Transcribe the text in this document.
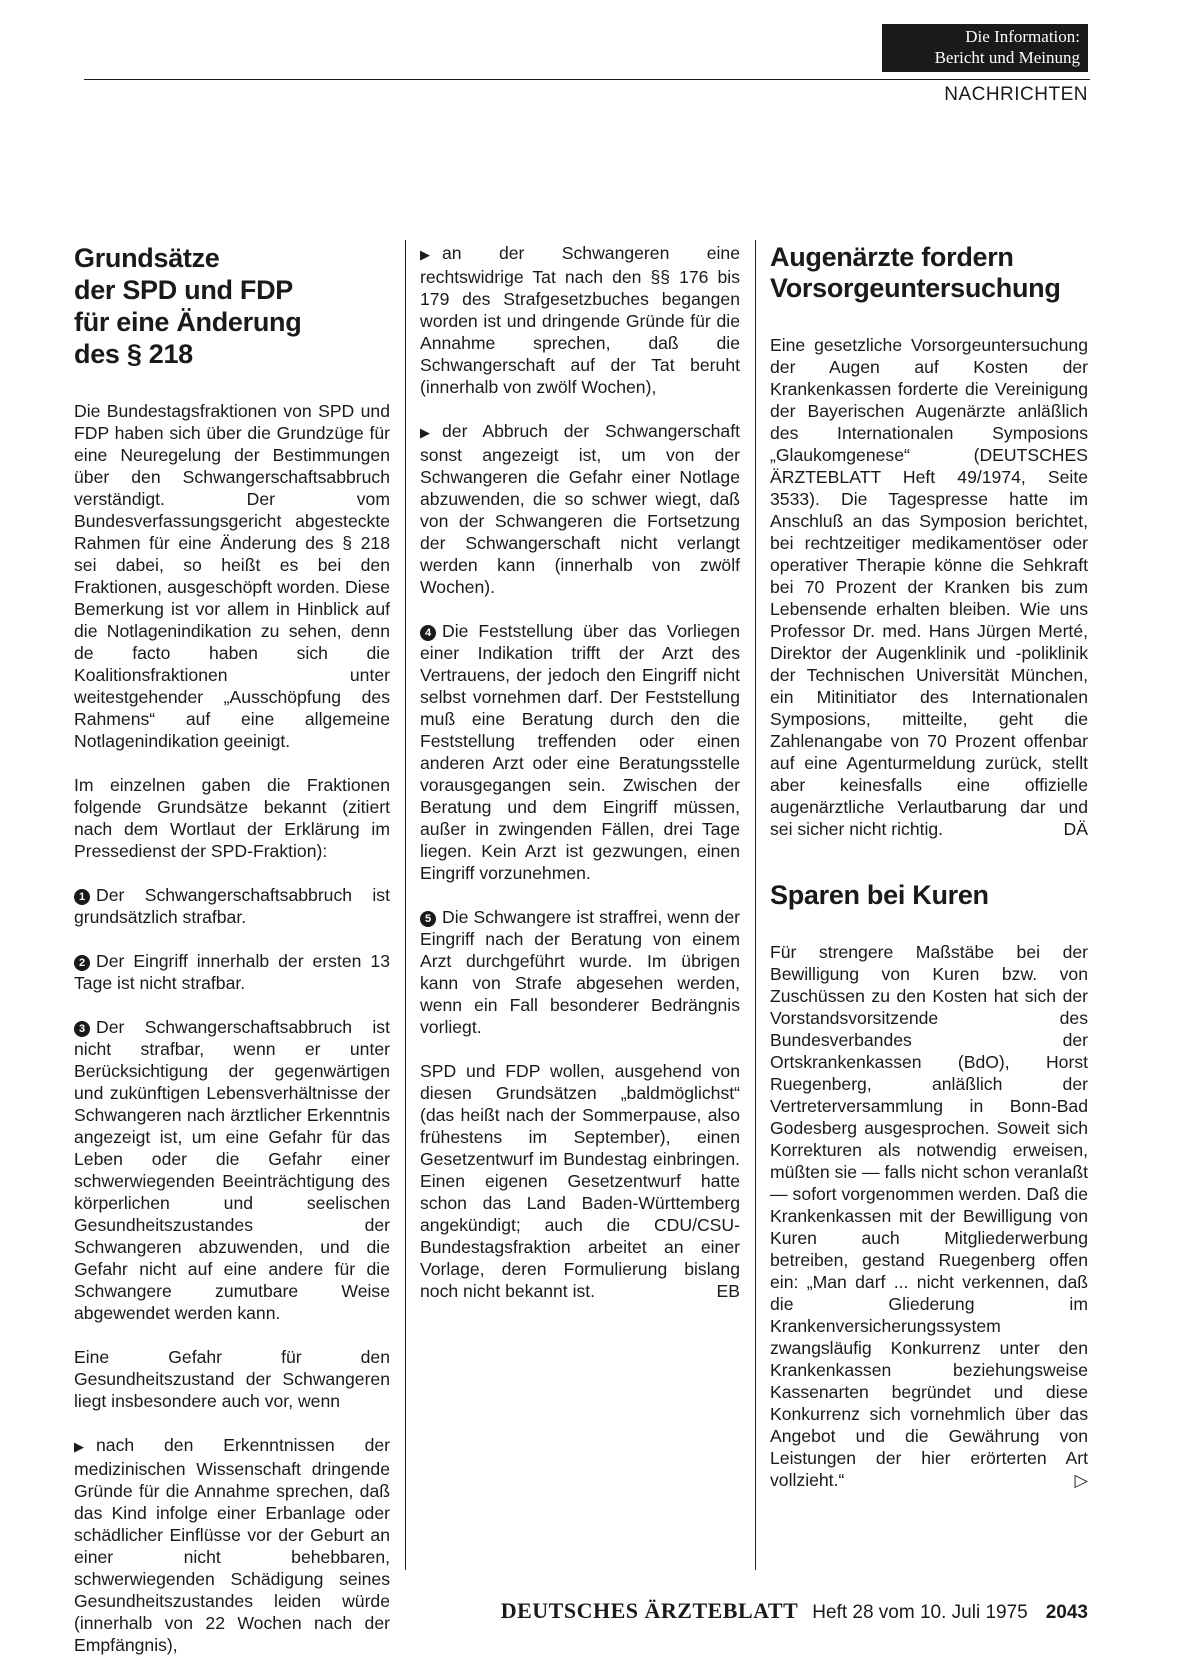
Die Information:
Bericht und Meinung
NACHRICHTEN
Grundsätze
der SPD und FDP
für eine Änderung
des § 218

Die Bundestagsfraktionen von SPD und FDP haben sich über die Grundzüge für eine Neuregelung der Bestimmungen über den Schwangerschaftsabbruch verständigt. Der vom Bundesverfassungsgericht abgesteckte Rahmen für eine Änderung des § 218 sei dabei, so heißt es bei den Fraktionen, ausgeschöpft worden. Diese Bemerkung ist vor allem in Hinblick auf die Notlagenindikation zu sehen, denn de facto haben sich die Koalitionsfraktionen unter weitestgehender „Ausschöpfung des Rahmens“ auf eine allgemeine Notlagenindikation geeinigt.

Im einzelnen gaben die Fraktionen folgende Grundsätze bekannt (zitiert nach dem Wortlaut der Erklärung im Pressedienst der SPD-Fraktion):

1 Der Schwangerschaftsabbruch ist grundsätzlich strafbar.

2 Der Eingriff innerhalb der ersten 13 Tage ist nicht strafbar.

3 Der Schwangerschaftsabbruch ist nicht strafbar, wenn er unter Berücksichtigung der gegenwärtigen und zukünftigen Lebensverhältnisse der Schwangeren nach ärztlicher Erkenntnis angezeigt ist, um eine Gefahr für das Leben oder die Gefahr einer schwerwiegenden Beeinträchtigung des körperlichen und seelischen Gesundheitszustandes der Schwangeren abzuwenden, und die Gefahr nicht auf eine andere für die Schwangere zumutbare Weise abgewendet werden kann.

Eine Gefahr für den Gesundheitszustand der Schwangeren liegt insbesondere auch vor, wenn

▶ nach den Erkenntnissen der medizinischen Wissenschaft dringende Gründe für die Annahme sprechen, daß das Kind infolge einer Erbanlage oder schädlicher Einflüsse vor der Geburt an einer nicht behebbaren, schwerwiegenden Schädigung seines Gesundheitszustandes leiden würde (innerhalb von 22 Wochen nach der Empfängnis),

▶ an der Schwangeren eine rechtswidrige Tat nach den §§ 176 bis 179 des Strafgesetzbuches begangen worden ist und dringende Gründe für die Annahme sprechen, daß die Schwangerschaft auf der Tat beruht (innerhalb von zwölf Wochen),

▶ der Abbruch der Schwangerschaft sonst angezeigt ist, um von der Schwangeren die Gefahr einer Notlage abzuwenden, die so schwer wiegt, daß von der Schwangeren die Fortsetzung der Schwangerschaft nicht verlangt werden kann (innerhalb von zwölf Wochen).

4 Die Feststellung über das Vorliegen einer Indikation trifft der Arzt des Vertrauens, der jedoch den Eingriff nicht selbst vornehmen darf. Der Feststellung muß eine Beratung durch den die Feststellung treffenden oder einen anderen Arzt oder eine Beratungsstelle vorausgegangen sein. Zwischen der Beratung und dem Eingriff müssen, außer in zwingenden Fällen, drei Tage liegen. Kein Arzt ist gezwungen, einen Eingriff vorzunehmen.

5 Die Schwangere ist straffrei, wenn der Eingriff nach der Beratung von einem Arzt durchgeführt wurde. Im übrigen kann von Strafe abgesehen werden, wenn ein Fall besonderer Bedrängnis vorliegt.

SPD und FDP wollen, ausgehend von diesen Grundsätzen „baldmöglichst“ (das heißt nach der Sommerpause, also frühestens im September), einen Gesetzentwurf im Bundestag einbringen. Einen eigenen Gesetzentwurf hatte schon das Land Baden-Württemberg angekündigt; auch die CDU/CSU-Bundestagsfraktion arbeitet an einer Vorlage, deren Formulierung bislang noch nicht bekannt ist.	EB

Augenärzte fordern
Vorsorgeuntersuchung

Eine gesetzliche Vorsorgeuntersuchung der Augen auf Kosten der Krankenkassen forderte die Vereinigung der Bayerischen Augenärzte anläßlich des Internationalen Symposions „Glaukomgenese“ (DEUTSCHES ÄRZTEBLATT Heft 49/1974, Seite 3533). Die Tagespresse hatte im Anschluß an das Symposion berichtet, bei rechtzeitiger medikamentöser oder operativer Therapie könne die Sehkraft bei 70 Prozent der Kranken bis zum Lebensende erhalten bleiben. Wie uns Professor Dr. med. Hans Jürgen Merté, Direktor der Augenklinik und -poliklinik der Technischen Universität München, ein Mitinitiator des Internationalen Symposions, mitteilte, geht die Zahlenangabe von 70 Prozent offenbar auf eine Agenturmeldung zurück, stellt aber keinesfalls eine offizielle augenärztliche Verlautbarung dar und sei sicher nicht richtig.	DÄ

Sparen bei Kuren

Für strengere Maßstäbe bei der Bewilligung von Kuren bzw. von Zuschüssen zu den Kosten hat sich der Vorstandsvorsitzende des Bundesverbandes der Ortskrankenkassen (BdO), Horst Ruegenberg, anläßlich der Vertreterversammlung in Bonn-Bad Godesberg ausgesprochen. Soweit sich Korrekturen als notwendig erweisen, müßten sie — falls nicht schon veranlaßt — sofort vorgenommen werden. Daß die Krankenkassen mit der Bewilligung von Kuren auch Mitgliederwerbung betreiben, gestand Ruegenberg offen ein: „Man darf ... nicht verkennen, daß die Gliederung im Krankenversicherungssystem zwangsläufig Konkurrenz unter den Krankenkassen beziehungsweise Kassenarten begründet und diese Konkurrenz sich vornehmlich über das Angebot und die Gewährung von Leistungen der hier erörterten Art vollzieht.“	▷

DEUTSCHES ÄRZTEBLATT Heft 28 vom 10. Juli 1975 2043
